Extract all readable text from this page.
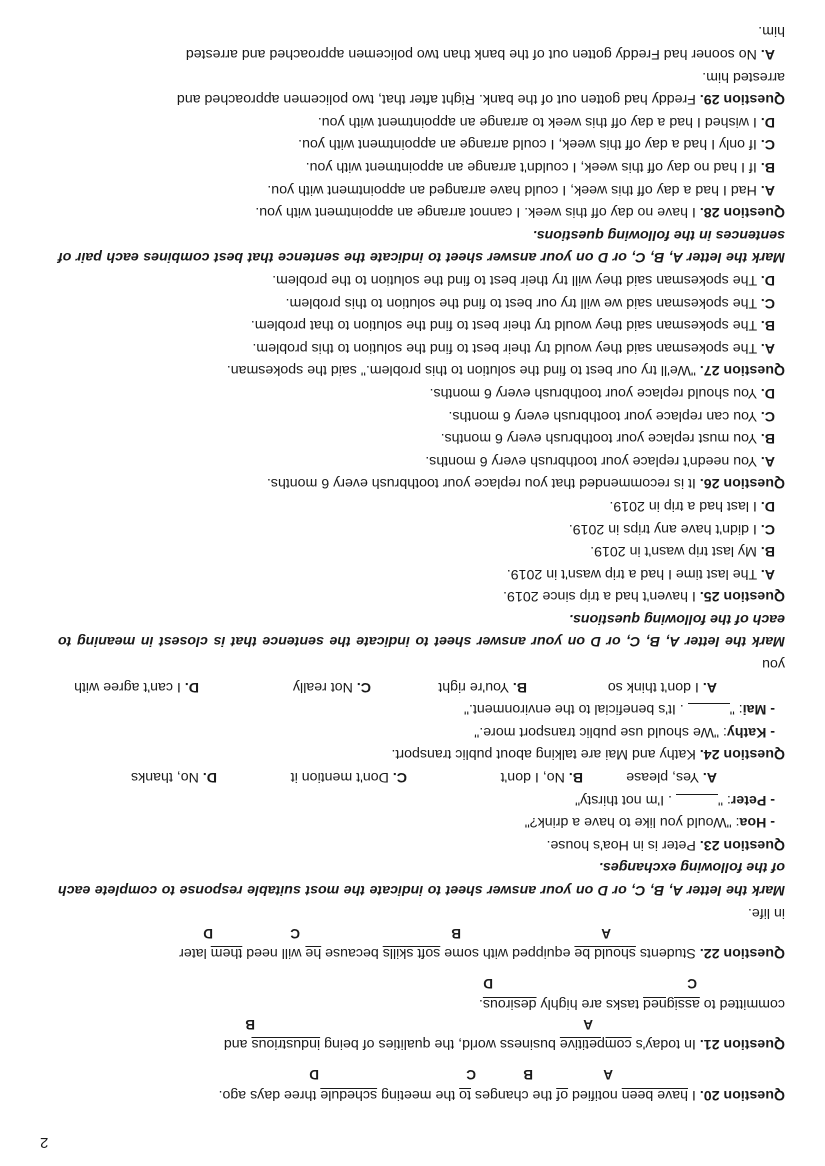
2
Question 20. I have been notified of the changes to the meeting schedule three days ago.
A
B
C
D
Question 21. In today's competitive business world, the qualities of being industrious and
A
B
committed to assigned tasks are highly desirous.
C
D
Question 22. Students should be equipped with some soft skills because he will need them later
A
B
C
D
in life.
Mark the letter A, B, C, or D on your answer sheet to indicate the most suitable response to complete each of the following exchanges.
Question 23. Peter is in Hoa's house.
- Hoa: "Would you like to have a drink?"
- Peter: " . I'm not thirsty"
A. Yes, please
B. No, I don't
C. Don't mention it
D. No, thanks
Question 24. Kathy and Mai are talking about public transport.
- Kathy: "We should use public transport more."
- Mai: " . It's beneficial to the environment."
A. I don't think so
B. You're right
C. Not really
D. I can't agree with
you
Mark the letter A, B, C, or D on your answer sheet to indicate the sentence that is closest in meaning to each of the following questions.
Question 25. I haven't had a trip since 2019.
A. The last time I had a trip wasn't in 2019.
B. My last trip wasn't in 2019.
C. I didn't have any trips in 2019.
D. I last had a trip in 2019.
Question 26. It is recommended that you replace your toothbrush every 6 months.
A. You needn't replace your toothbrush every 6 months.
B. You must replace your toothbrush every 6 months.
C. You can replace your toothbrush every 6 months.
D. You should replace your toothbrush every 6 months.
Question 27. "We'll try our best to find the solution to this problem." said the spokesman.
A. The spokesman said they would try their best to find the solution to this problem.
B. The spokesman said they would try their best to find the solution to that problem.
C. The spokesman said we will try our best to find the solution to this problem.
D. The spokesman said they will try their best to find the solution to the problem.
Mark the letter A, B, C, or D on your answer sheet to indicate the sentence that best combines each pair of sentences in the following questions.
Question 28. I have no day off this week. I cannot arrange an appointment with you.
A. Had I had a day off this week, I could have arranged an appointment with you.
B. If I had no day off this week, I couldn't arrange an appointment with you.
C. If only I had a day off this week, I could arrange an appointment with you.
D. I wished I had a day off this week to arrange an appointment with you.
Question 29. Freddy had gotten out of the bank. Right after that, two policemen approached and
arrested him.
A. No sooner had Freddy gotten out of the bank than two policemen approached and arrested
him.
